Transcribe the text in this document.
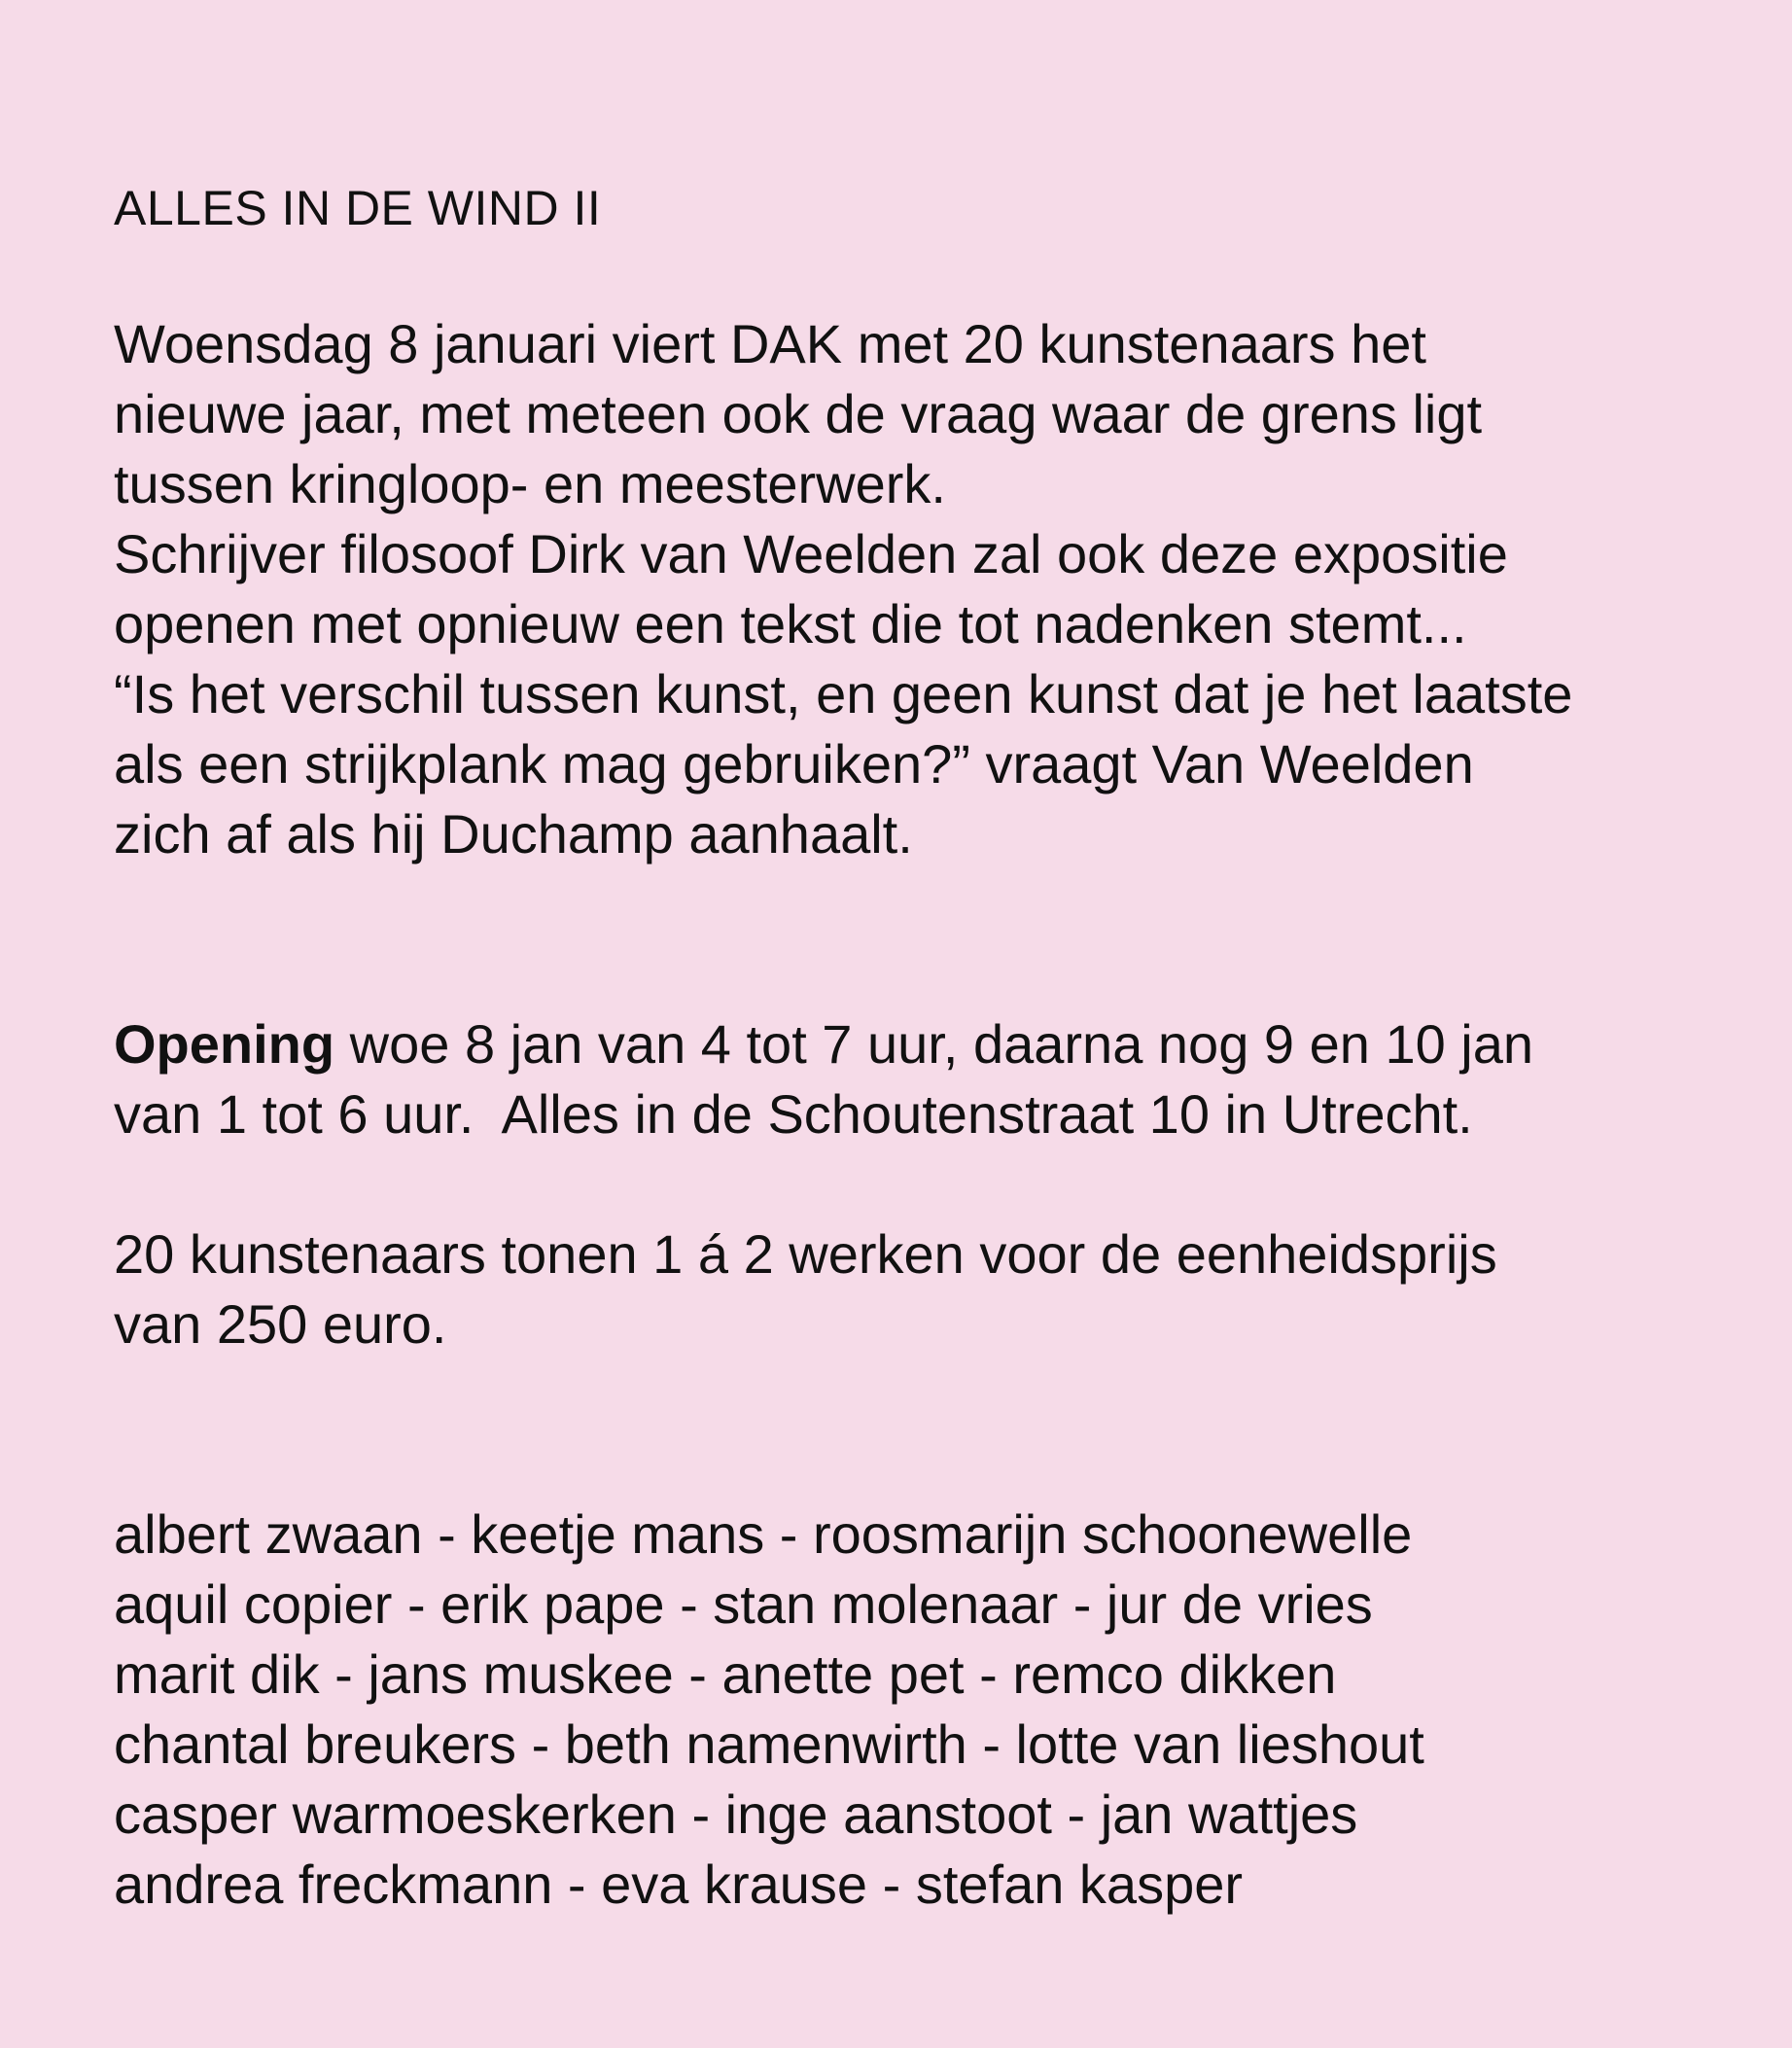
ALLES IN DE WIND II
Woensdag 8 januari viert DAK met 20 kunstenaars het
nieuwe jaar, met meteen ook de vraag waar de grens ligt
tussen kringloop- en meesterwerk.
Schrijver filosoof Dirk van Weelden zal ook deze expositie
openen met opnieuw een tekst die tot nadenken stemt...
“Is het verschil tussen kunst, en geen kunst dat je het laatste
als een strijkplank mag gebruiken?” vraagt Van Weelden
zich af als hij Duchamp aanhaalt.
Opening woe 8 jan van 4 tot 7 uur, daarna nog 9 en 10 jan
van 1 tot 6 uur.  Alles in de Schoutenstraat 10 in Utrecht.
20 kunstenaars tonen 1 á 2 werken voor de eenheidsprijs
van 250 euro.
albert zwaan - keetje mans - roosmarijn schoonewelle
aquil copier - erik pape - stan molenaar - jur de vries
marit dik - jans muskee - anette pet - remco dikken
chantal breukers - beth namenwirth - lotte van lieshout
casper warmoeskerken - inge aanstoot - jan wattjes
andrea freckmann - eva krause - stefan kasper
